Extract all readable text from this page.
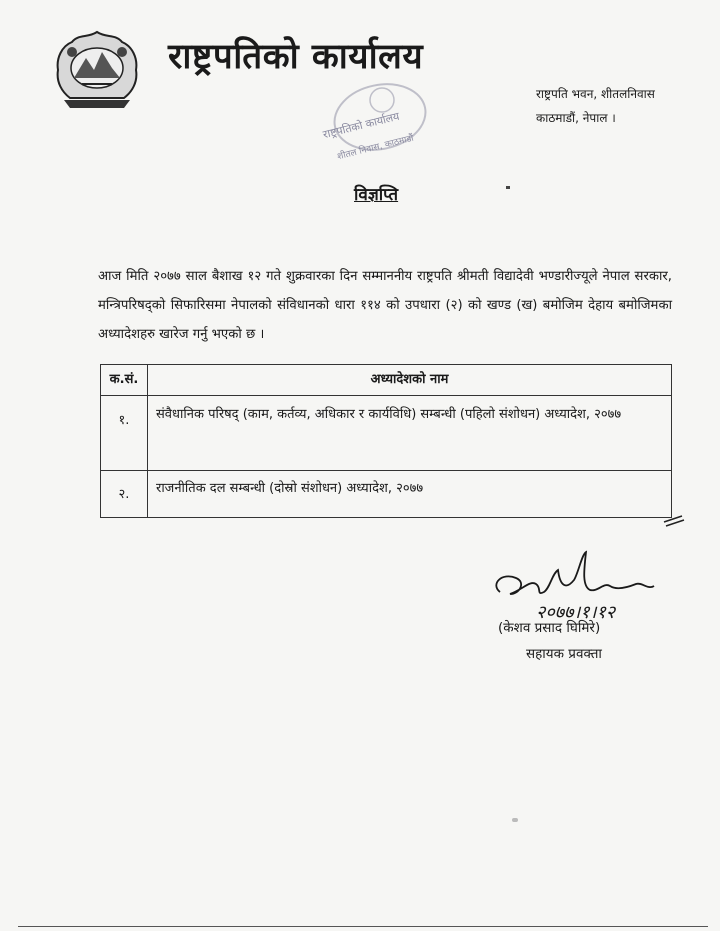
राष्ट्रपतिको कार्यालय
राष्ट्रपति भवन, शीतलनिवास
काठमाडौं, नेपाल ।
राष्ट्रपतिको कार्यालय
शीतल निवास, काठमाडौं
विज्ञप्ति
आज मिति २०७७ साल बैशाख १२ गते शुक्रवारका दिन सम्माननीय राष्ट्रपति श्रीमती विद्यादेवी भण्डारीज्यूले नेपाल सरकार, मन्त्रिपरिषद्को सिफारिसमा नेपालको संविधानको धारा ११४ को उपधारा (२) को खण्ड (ख) बमोजिम देहाय बमोजिमका अध्यादेशहरु खारेज गर्नु भएको छ ।
क.सं.	अध्यादेशको नाम
१.	संवैधानिक परिषद् (काम, कर्तव्य, अधिकार र कार्यविधि) सम्बन्धी (पहिलो संशोधन) अध्यादेश, २०७७
२.	राजनीतिक दल सम्बन्धी (दोस्रो संशोधन) अध्यादेश, २०७७
२०७७।१।१२
(केशव प्रसाद घिमिरे)
सहायक प्रवक्ता
